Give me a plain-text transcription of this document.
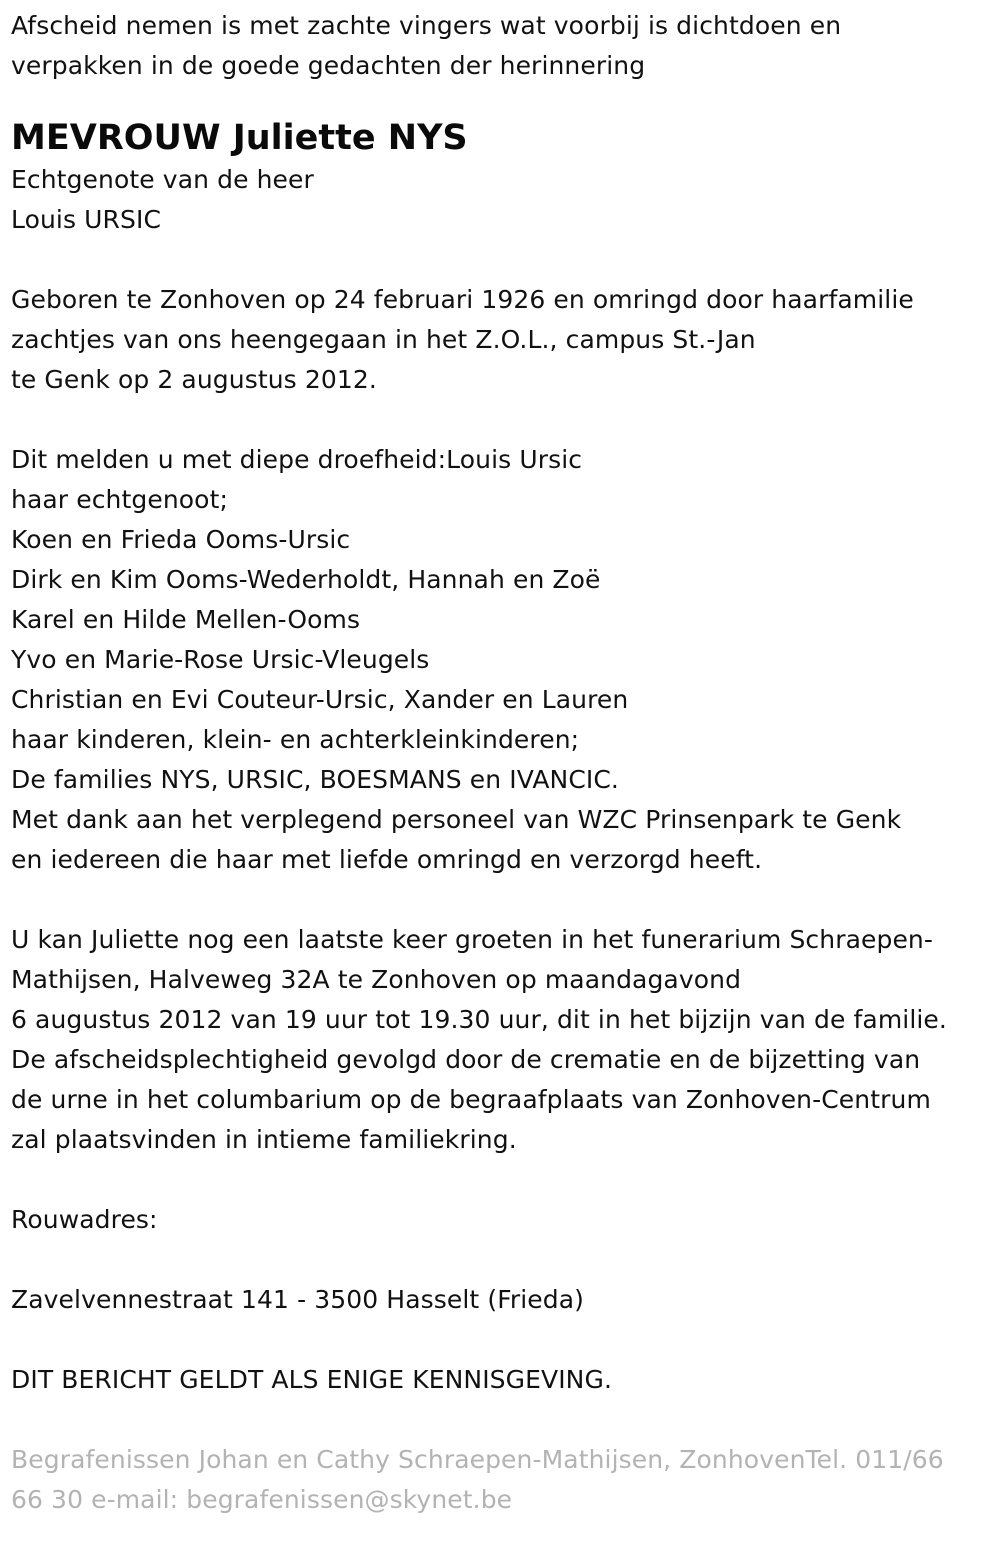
Afscheid nemen is met zachte vingers wat voorbij is dichtdoen en
verpakken in de goede gedachten der herinnering
MEVROUW Juliette NYS
Echtgenote van de heer
Louis URSIC
Geboren te Zonhoven op 24 februari 1926 en omringd door haarfamilie
zachtjes van ons heengegaan in het Z.O.L., campus St.-Jan
te Genk op 2 augustus 2012.
Dit melden u met diepe droefheid:Louis Ursic
haar echtgenoot;
Koen en Frieda Ooms-Ursic
Dirk en Kim Ooms-Wederholdt, Hannah en Zoë
Karel en Hilde Mellen-Ooms
Yvo en Marie-Rose Ursic-Vleugels
Christian en Evi Couteur-Ursic, Xander en Lauren
haar kinderen, klein- en achterkleinkinderen;
De families NYS, URSIC, BOESMANS en IVANCIC.
Met dank aan het verplegend personeel van WZC Prinsenpark te Genk
en iedereen die haar met liefde omringd en verzorgd heeft.
U kan Juliette nog een laatste keer groeten in het funerarium Schraepen-
Mathijsen, Halveweg 32A te Zonhoven op maandagavond
6 augustus 2012 van 19 uur tot 19.30 uur, dit in het bijzijn van de familie.
De afscheidsplechtigheid gevolgd door de crematie en de bijzetting van
de urne in het columbarium op de begraafplaats van Zonhoven-Centrum
zal plaatsvinden in intieme familiekring.
Rouwadres:
Zavelvennestraat 141 - 3500 Hasselt (Frieda)
DIT BERICHT GELDT ALS ENIGE KENNISGEVING.
Begrafenissen Johan en Cathy Schraepen-Mathijsen, ZonhovenTel. 011/66
66 30 e-mail: begrafenissen@skynet.be
